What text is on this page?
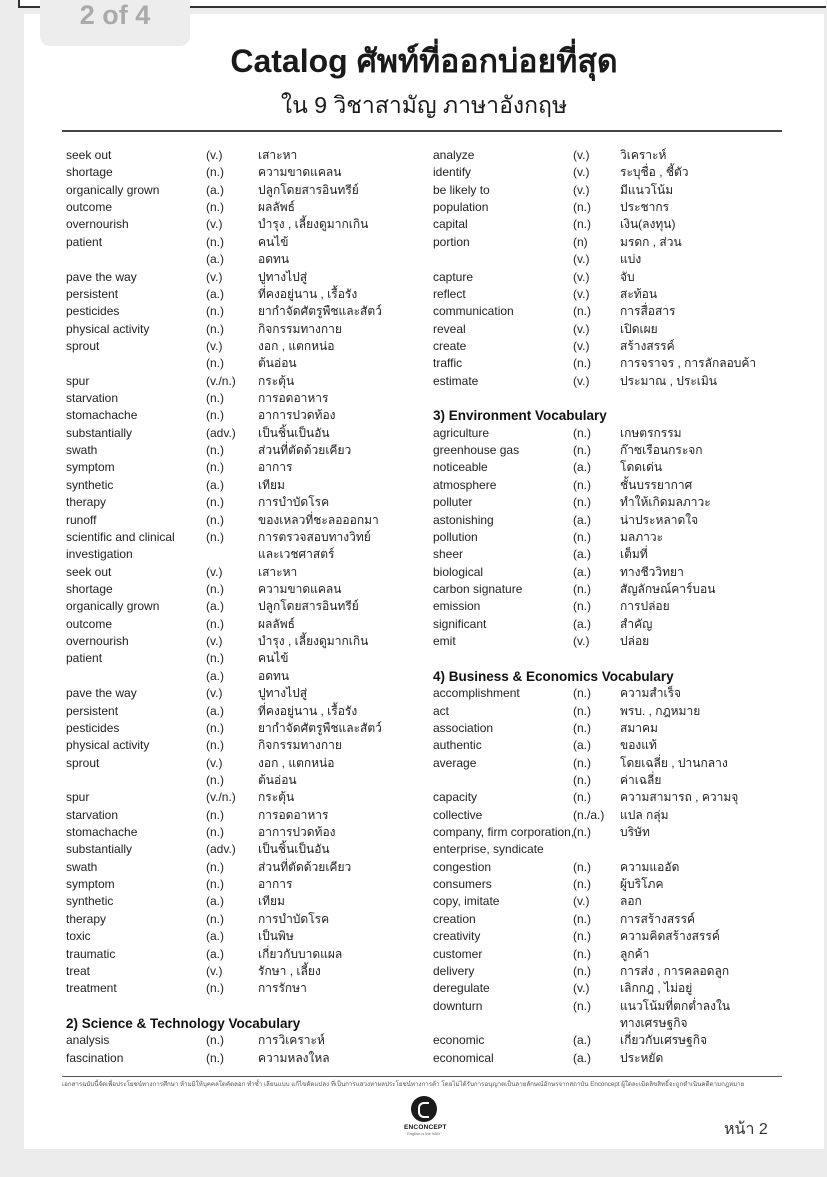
Catalog ศัพท์ที่ออกบ่อยที่สุด
ใน 9 วิชาสามัญ ภาษาอังกฤษ
seek out	(v.)	เสาะหา
shortage	(n.)	ความขาดแคลน
organically grown	(a.)	ปลูกโดยสารอินทรีย์
outcome	(n.)	ผลลัพธ์
overnourish	(v.)	บำรุง , เลี้ยงดูมากเกิน
patient	(n.)	คนไข้
(a.)	อดทน
pave the way	(v.)	ปูทางไปสู่
persistent	(a.)	ที่คงอยู่นาน , เรื้อรัง
pesticides	(n.)	ยากำจัดศัตรูพืชและสัตว์
physical activity	(n.)	กิจกรรมทางกาย
sprout	(v.)	งอก , แตกหน่อ
(n.)	ต้นอ่อน
spur	(v./n.) กระตุ้น
starvation	(n.)	การอดอาหาร
stomachache	(n.)	อาการปวดท้อง
substantially	(adv.) เป็นชิ้นเป็นอัน
swath	(n.)	ส่วนที่ตัดด้วยเคียว
symptom	(n.)	อาการ
synthetic	(a.)	เทียม
therapy	(n.)	การบำบัดโรค
runoff	(n.)	ของเหลวที่ชะลอออกมา
scientific and clinical	(n.)	การตรวจสอบทางวิทย์
investigation	และเวชศาสตร์
seek out	(v.)	เสาะหา
shortage	(n.)	ความขาดแคลน
organically grown	(a.)	ปลูกโดยสารอินทรีย์
outcome	(n.)	ผลลัพธ์
overnourish	(v.)	บำรุง , เลี้ยงดูมากเกิน
patient	(n.)	คนไข้
(a.)	อดทน
pave the way	(v.)	ปูทางไปสู่
persistent	(a.)	ที่คงอยู่นาน , เรื้อรัง
pesticides	(n.)	ยากำจัดศัตรูพืชและสัตว์
physical activity	(n.)	กิจกรรมทางกาย
sprout	(v.)	งอก , แตกหน่อ
(n.)	ต้นอ่อน
spur	(v./n.) กระตุ้น
starvation	(n.)	การอดอาหาร
stomachache	(n.)	อาการปวดท้อง
substantially	(adv.) เป็นชิ้นเป็นอัน
swath	(n.)	ส่วนที่ตัดด้วยเคียว
symptom	(n.)	อาการ
synthetic	(a.)	เทียม
therapy	(n.)	การบำบัดโรค
toxic	(a.)	เป็นพิษ
traumatic	(a.)	เกี่ยวกับบาดแผล
treat	(v.)	รักษา , เลี้ยง
treatment	(n.)	การรักษา
2) Science & Technology Vocabulary
analysis	(n.)	การวิเคราะห์
fascination	(n.)	ความหลงใหล
analyze	(v.)	วิเคราะห์
identify	(v.)	ระบุชื่อ , ชี้ตัว
be likely to	(v.)	มีแนวโน้ม
population	(n.) ประชากร
capital	(n.) เงิน(ลงทุน)
portion	(n)	มรดก , ส่วน
(v.)	แบ่ง
capture	(v.)	จับ
reflect	(v.)	สะท้อน
communication	(n.) การสื่อสาร
reveal	(v.)	เปิดเผย
create	(v.)	สร้างสรรค์
traffic	(n.) การจราจร , การลักลอบค้า
estimate	(v.)	ประมาณ , ประเมิน
3) Environment Vocabulary
agriculture	(n.) เกษตรกรรม
greenhouse gas	(n.) ก๊าซเรือนกระจก
noticeable	(a.) โดดเด่น
atmosphere	(n.) ชั้นบรรยากาศ
polluter	(n.) ทำให้เกิดมลภาวะ
astonishing	(a.) น่าประหลาดใจ
pollution	(n.) มลภาวะ
sheer	(a.) เต็มที่
biological	(a.) ทางชีววิทยา
carbon signature	(n.) สัญลักษณ์คาร์บอน
emission	(n.) การปล่อย
significant	(a.) สำคัญ
emit	(v.)	ปล่อย
4) Business & Economics Vocabulary
accomplishment	(n.) ความสำเร็จ
act	(n.) พรบ. , กฎหมาย
association	(n.) สมาคม
authentic	(a.) ของแท้
average	(n.) โดยเฉลี่ย , ปานกลาง
(n.) ค่าเฉลี่ย
capacity	(n.) ความสามารถ , ความจุ
collective	(n./a.) แปล กลุ่ม
company, firm corporation,
(n.) บริษัท
enterprise, syndicate
congestion	(n.) ความแออัด
consumers	(n.) ผู้บริโภค
copy, imitate	(v.)	ลอก
creation	(n.) การสร้างสรรค์
creativity	(n.) ความคิดสร้างสรรค์
customer	(n.) ลูกค้า
delivery	(n.) การส่ง , การคลอดลูก
deregulate	(v.)	เลิกกฎ , ไม่อยู่
downturn	(n.) แนวโน้มที่ตกต่ำลงใน
ทางเศรษฐกิจ
economic	(a.) เกี่ยวกับเศรษฐกิจ
economical	(a.) ประหยัด
เอกสารฉบับนี้จัดเพื่อประโยชน์ทางการศึกษา ห้ามมิให้บุคคลใดคัดลอก ทำซ้ำ เลียนแบบ แก้ไขดัดแปลง ที่เป็นการแสวงหาผลประโยชน์ทางการค้า โดยไม่ได้รับการอนุญาตเป็นลายลักษณ์อักษรจากสถาบัน Enconcept ผู้ใดละเมิดลิขสิทธิ์จะถูกดำเนินคดีตามกฎหมาย
ENCONCEPT
English is the WAY	หน้า 2
2 of 4
